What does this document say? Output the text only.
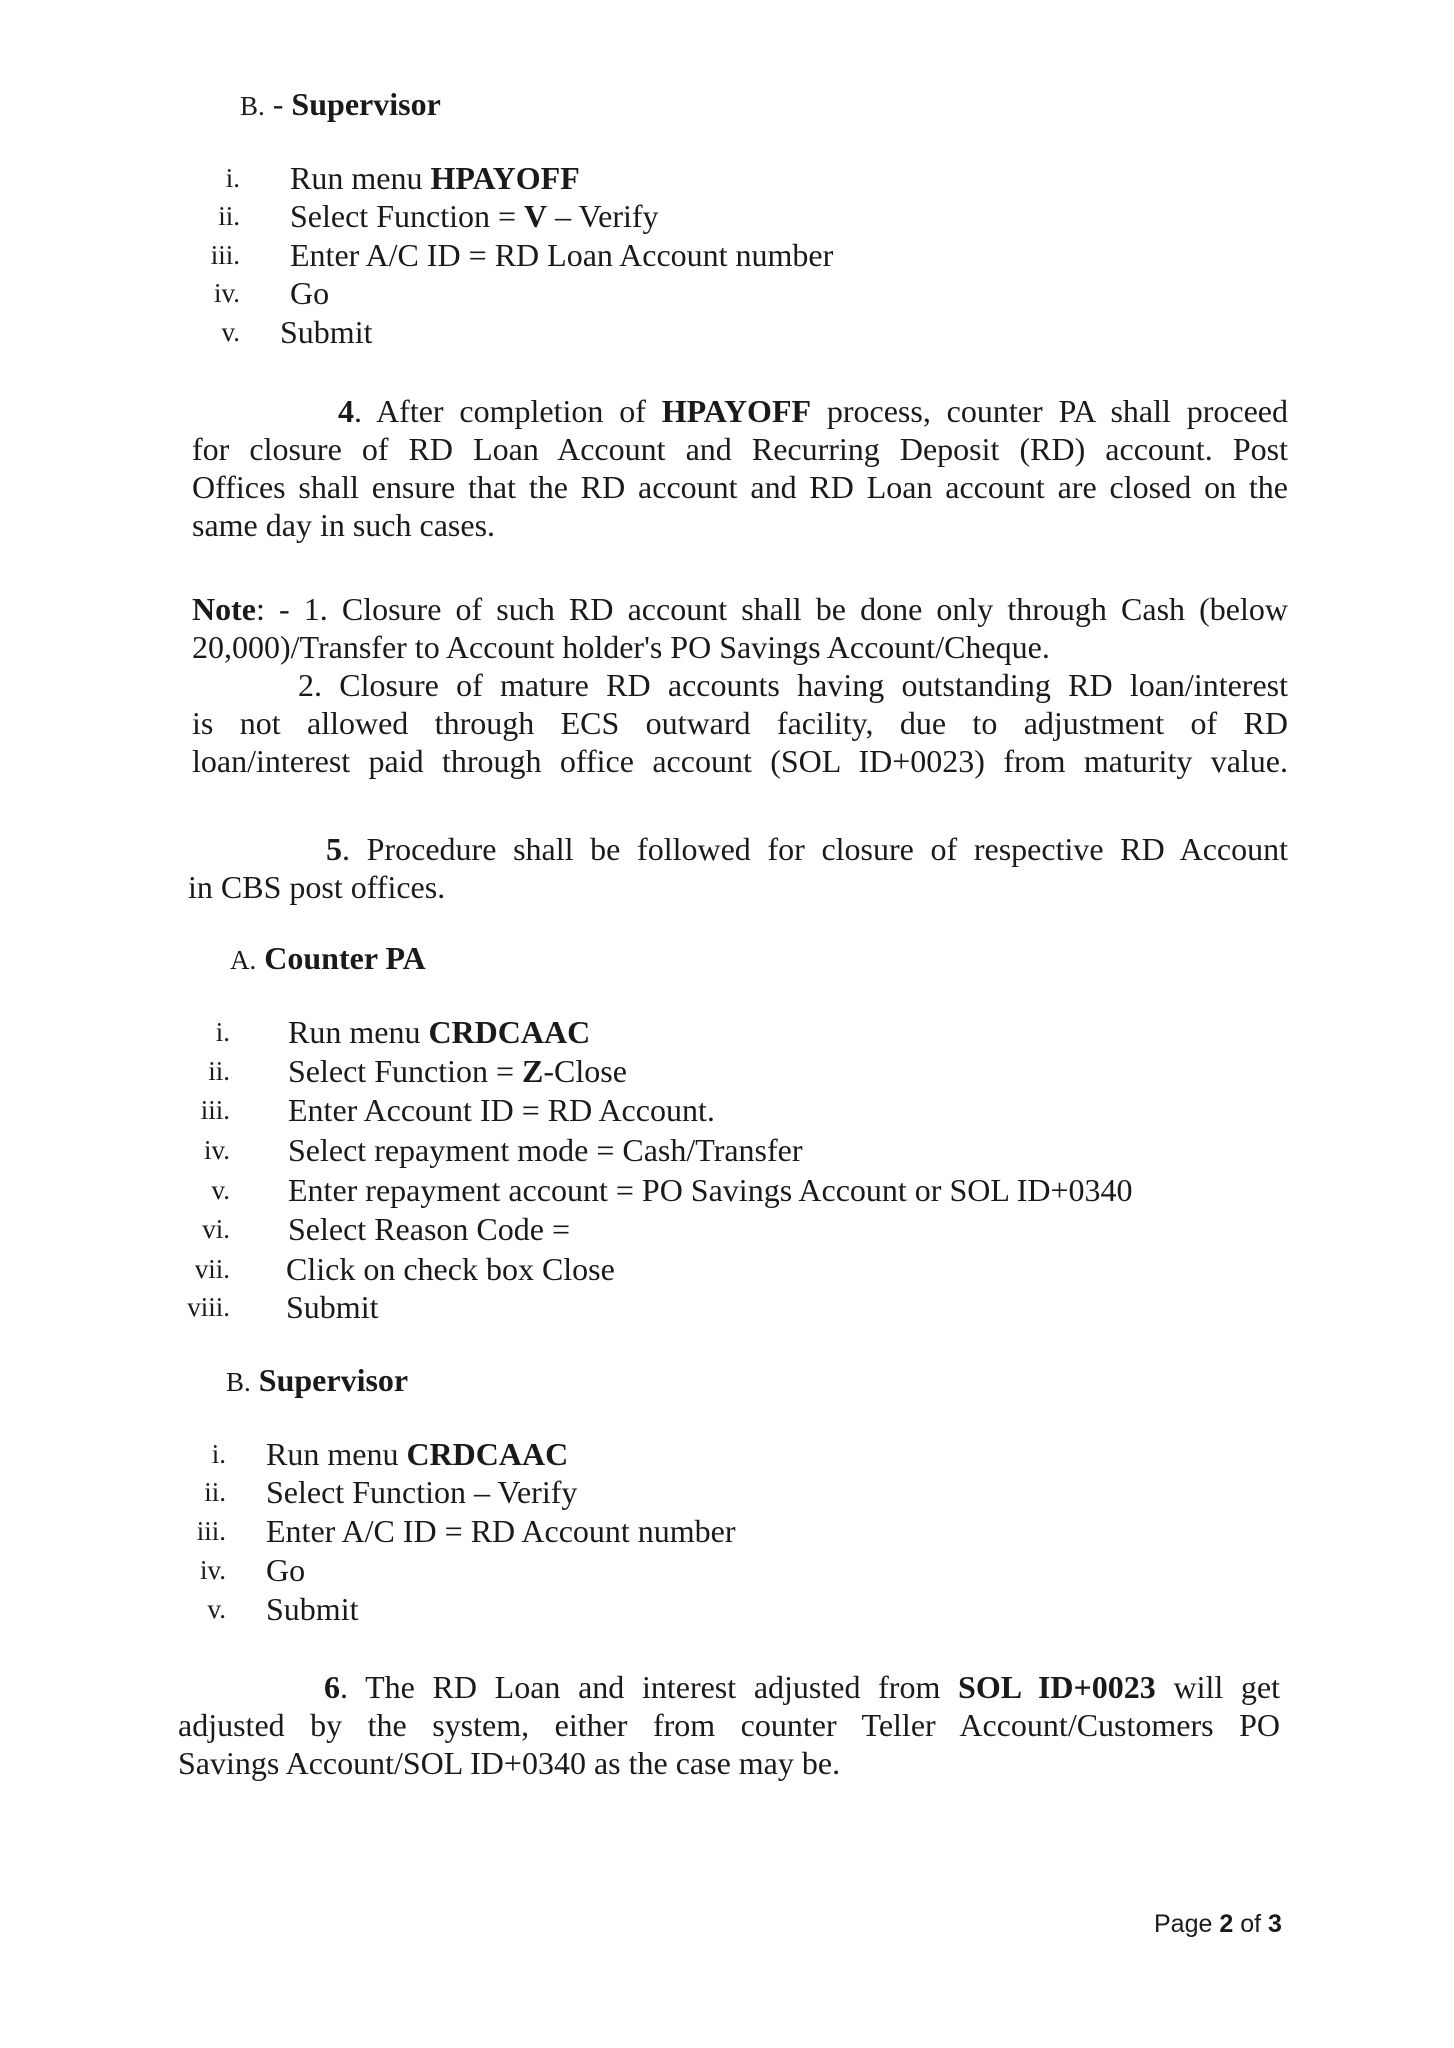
B. - Supervisor
i. Run menu HPAYOFF
ii. Select Function = V – Verify
iii. Enter A/C ID = RD Loan Account number
iv. Go
v. Submit
4. After completion of HPAYOFF process, counter PA shall proceed
for closure of RD Loan Account and Recurring Deposit (RD) account. Post
Offices shall ensure that the RD account and RD Loan account are closed on the
same day in such cases.
Note: - 1. Closure of such RD account shall be done only through Cash (below
20,000)/Transfer to Account holder's PO Savings Account/Cheque.
2. Closure of mature RD accounts having outstanding RD loan/interest
is not allowed through ECS outward facility, due to adjustment of RD
loan/interest paid through office account (SOL ID+0023) from maturity value.
5. Procedure shall be followed for closure of respective RD Account
in CBS post offices.
A. Counter PA
i. Run menu CRDCAAC
ii. Select Function = Z-Close
iii. Enter Account ID = RD Account.
iv. Select repayment mode = Cash/Transfer
v. Enter repayment account = PO Savings Account or SOL ID+0340
vi. Select Reason Code =
vii. Click on check box Close
viii. Submit
B. Supervisor
i. Run menu CRDCAAC
ii. Select Function – Verify
iii. Enter A/C ID = RD Account number
iv. Go
v. Submit
6. The RD Loan and interest adjusted from SOL ID+0023 will get
adjusted by the system, either from counter Teller Account/Customers PO
Savings Account/SOL ID+0340 as the case may be.
Page 2 of 3
